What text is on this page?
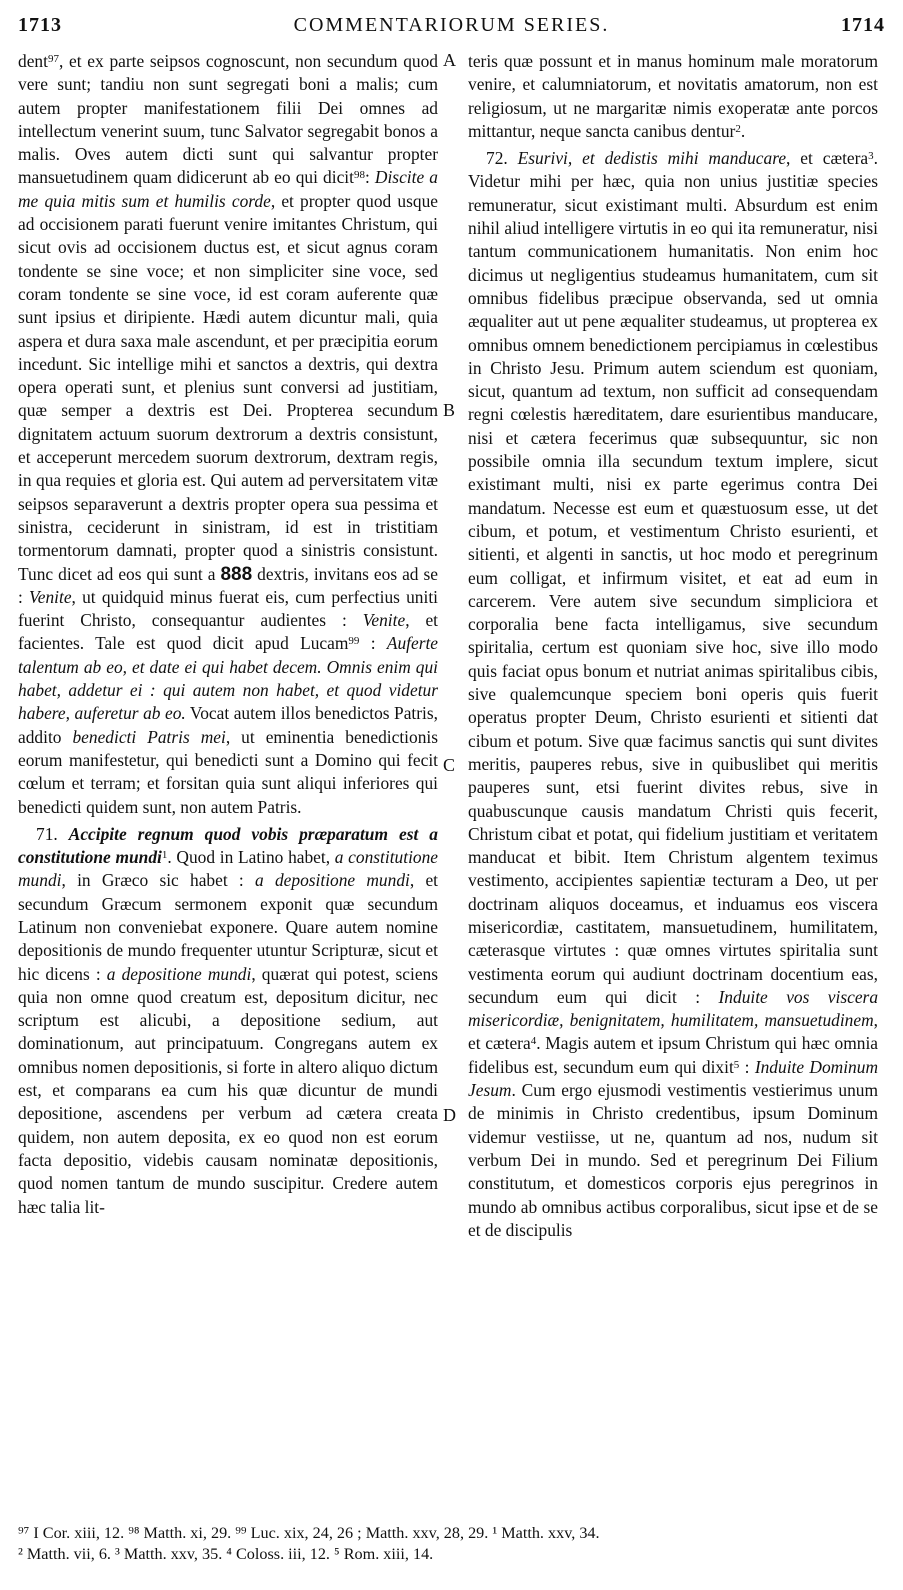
1713	COMMENTARIORUM SERIES.	1714

dent$^{97}$, et ex parte seipsos cognoscunt, non secundum quod vere sunt; tandiu non sunt segregati boni a malis; cum autem propter manifestationem filii Dei omnes ad intellectum venerint suum, tunc Salvator segregabit bonos a malis. Oves autem dicti sunt qui salvantur propter mansuetudinem quam didicerunt ab eo qui dicit$^{98}$: Discite a me quia mitis sum et humilis corde, et propter quod usque ad occisionem parati fuerunt venire imitantes Christum, qui sicut ovis ad occisionem ductus est, et sicut agnus coram tondente se sine voce; et non simpliciter sine voce, sed coram tondente se sine voce, id est coram auferente quæ sunt ipsius et diripiente. Hædi autem dicuntur mali, quia aspera et dura saxa male ascendunt, et per præcipitia eorum incedunt. Sic intellige mihi et sanctos a dextris, qui dextra opera operati sunt, et plenius sunt conversi ad justitiam, quæ semper a dextris est Dei. Propterea secundum dignitatem actuum suorum dextrorum a dextris consistunt, et acceperunt mercedem suorum dextrorum, dextram regis, in qua requies et gloria est. Qui autem ad perversitatem vitæ seipsos separaverunt a dextris propter opera sua pessima et sinistra, ceciderunt in sinistram, id est in tristitiam tormentorum damnati, propter quod a sinistris consistunt. Tunc dicet ad eos qui sunt a 888 dextris, invitans eos ad se : Venite, ut quidquid minus fuerat eis, cum perfectius uniti fuerint Christo, consequantur audientes : Venite, et facientes. Tale est quod dicit apud Lucam$^{99}$ : Auferte talentum ab eo, et date ei qui habet decem. Omnis enim qui habet, addetur ei : qui autem non habet, et quod videtur habere, auferetur ab eo. Vocat autem illos benedictos Patris, addito benedicti Patris mei, ut eminentia benedictionis eorum manifestetur, qui benedicti sunt a Domino qui fecit cœlum et terram; et forsitan quia sunt aliqui inferiores qui benedicti quidem sunt, non autem Patris.

71. Accipite regnum quod vobis præparatum est a constitutione mundi$^1$. Quod in Latino habet, a constitutione mundi, in Græco sic habet : a depositione mundi, et secundum Græcum sermonem exponit quæ secundum Latinum non conveniebat exponere. Quare autem nomine depositionis de mundo frequenter utuntur Scripturæ, sicut et hic dicens : a depositione mundi, quærat qui potest, sciens quia non omne quod creatum est, depositum dicitur, nec scriptum est alicubi, a depositione sedium, aut dominationum, aut principatuum. Congregans autem ex omnibus nomen depositionis, si forte in altero aliquo dictum est, et comparans ea cum his quæ dicuntur de mundi depositione, ascendens per verbum ad cætera creata quidem, non autem deposita, ex eo quod non est eorum facta depositio, videbis causam nominatæ depositionis, quod nomen tantum de mundo suscipitur. Credere autem hæc talia lit-

A
B
C
D

teris quæ possunt et in manus hominum male moratorum venire, et calumniatorum, et novitatis amatorum, non est religiosum, ut ne margaritæ nimis exoperatæ ante porcos mittantur, neque sancta canibus dentur$^2$.

72. Esurivi, et dedistis mihi manducare, et cætera$^3$. Videtur mihi per hæc, quia non unius justitiæ species remuneratur, sicut existimant multi. Absurdum est enim nihil aliud intelligere virtutis in eo qui ita remuneratur, nisi tantum communicationem humanitatis. Non enim hoc dicimus ut negligentius studeamus humanitatem, cum sit omnibus fidelibus præcipue observanda, sed ut omnia æqualiter aut ut pene æqualiter studeamus, ut propterea ex omnibus omnem benedictionem percipiamus in cœlestibus in Christo Jesu. Primum autem sciendum est quoniam, sicut, quantum ad textum, non sufficit ad consequendam regni cœlestis hæreditatem, dare esurientibus manducare, nisi et cætera fecerimus quæ subsequuntur, sic non possibile omnia illa secundum textum implere, sicut existimant multi, nisi ex parte egerimus contra Dei mandatum. Necesse est eum et quæstuosum esse, ut det cibum, et potum, et vestimentum Christo esurienti, et sitienti, et algenti in sanctis, ut hoc modo et peregrinum eum colligat, et infirmum visitet, et eat ad eum in carcerem. Vere autem sive secundum simpliciora et corporalia bene facta intelligamus, sive secundum spiritalia, certum est quoniam sive hoc, sive illo modo quis faciat opus bonum et nutriat animas spiritalibus cibis, sive qualemcunque speciem boni operis quis fuerit operatus propter Deum, Christo esurienti et sitienti dat cibum et potum. Sive quæ facimus sanctis qui sunt divites meritis, pauperes rebus, sive in quibuslibet qui meritis pauperes sunt, etsi fuerint divites rebus, sive in quabuscunque causis mandatum Christi quis fecerit, Christum cibat et potat, qui fidelium justitiam et veritatem manducat et bibit. Item Christum algentem teximus vestimento, accipientes sapientiæ tecturam a Deo, ut per doctrinam aliquos doceamus, et induamus eos viscera misericordiæ, castitatem, mansuetudinem, humilitatem, cæterasque virtutes : quæ omnes virtutes spiritalia sunt vestimenta eorum qui audiunt doctrinam docentium eas, secundum eum qui dicit : Induite vos viscera misericordiæ, benignitatem, humilitatem, mansuetudinem, et cætera$^4$. Magis autem et ipsum Christum qui hæc omnia fidelibus est, secundum eum qui dixit$^5$ : Induite Dominum Jesum. Cum ergo ejusmodi vestimentis vestierimus unum de minimis in Christo credentibus, ipsum Dominum videmur vestiisse, ut ne, quantum ad nos, nudum sit verbum Dei in mundo. Sed et peregrinum Dei Filium constitutum, et domesticos corporis ejus peregrinos in mundo ab omnibus actibus corporalibus, sicut ipse et de se et de discipulis

⁹⁷ I Cor. xiii, 12. ⁹⁸ Matth. xi, 29. ⁹⁹ Luc. xix, 24, 26 ; Matth. xxv, 28, 29. ¹ Matth. xxv, 34.
² Matth. vii, 6. ³ Matth. xxv, 35. ⁴ Coloss. iii, 12. ⁵ Rom. xiii, 14.
